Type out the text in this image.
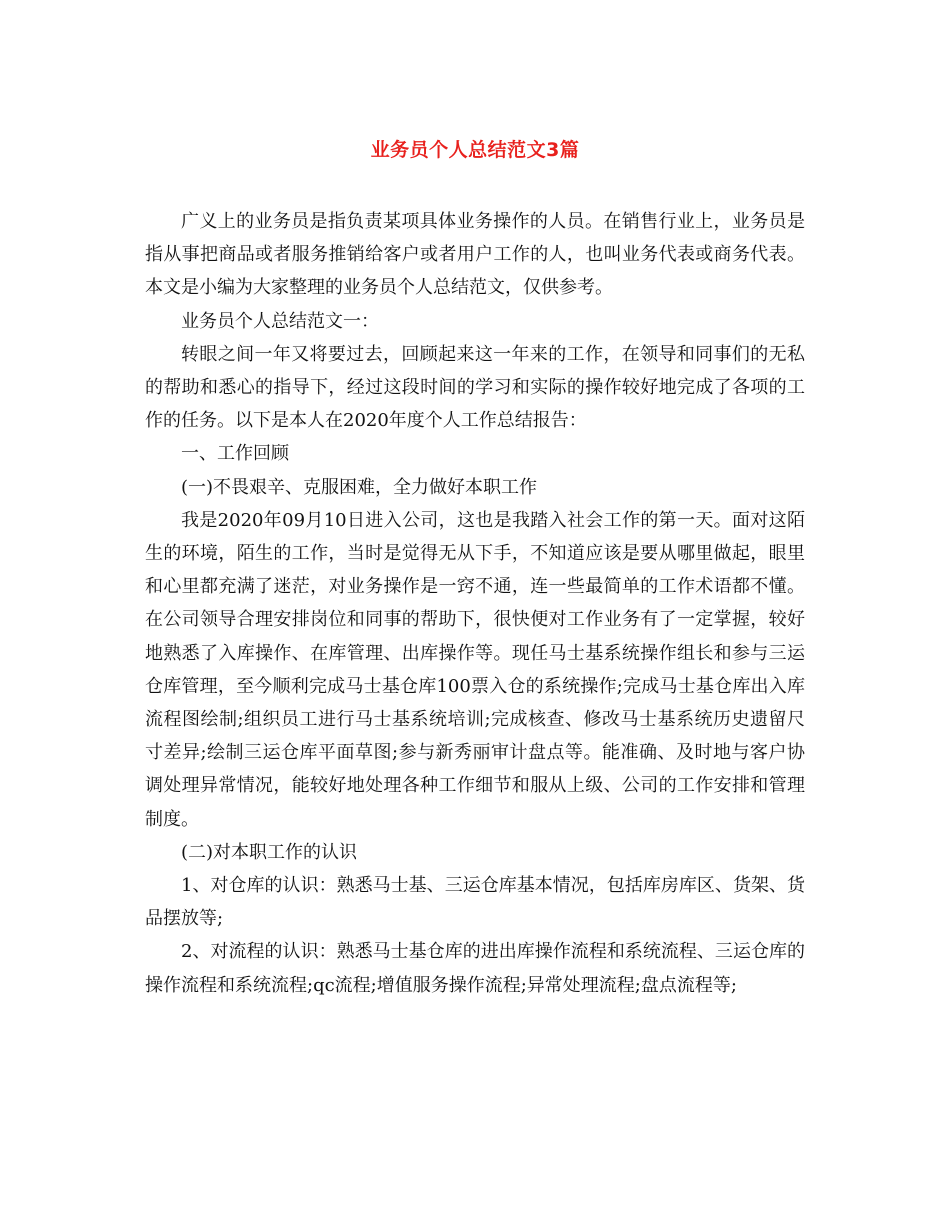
业务员个人总结范文3篇

广义上的业务员是指负责某项具体业务操作的人员。在销售行业上，业务员是指从事把商品或者服务推销给客户或者用户工作的人，也叫业务代表或商务代表。本文是小编为大家整理的业务员个人总结范文，仅供参考。

业务员个人总结范文一：

转眼之间一年又将要过去，回顾起来这一年来的工作，在领导和同事们的无私的帮助和悉心的指导下，经过这段时间的学习和实际的操作较好地完成了各项的工作的任务。以下是本人在2020年度个人工作总结报告：

一、工作回顾

(一)不畏艰辛、克服困难，全力做好本职工作

我是2020年09月10日进入公司，这也是我踏入社会工作的第一天。面对这陌生的环境，陌生的工作，当时是觉得无从下手，不知道应该是要从哪里做起，眼里和心里都充满了迷茫，对业务操作是一窍不通，连一些最简单的工作术语都不懂。在公司领导合理安排岗位和同事的帮助下，很快便对工作业务有了一定掌握，较好地熟悉了入库操作、在库管理、出库操作等。现任马士基系统操作组长和参与三运仓库管理，至今顺利完成马士基仓库100票入仓的系统操作;完成马士基仓库出入库流程图绘制;组织员工进行马士基系统培训;完成核查、修改马士基系统历史遗留尺寸差异;绘制三运仓库平面草图;参与新秀丽审计盘点等。能准确、及时地与客户协调处理异常情况，能较好地处理各种工作细节和服从上级、公司的工作安排和管理制度。

(二)对本职工作的认识

1、对仓库的认识：熟悉马士基、三运仓库基本情况，包括库房库区、货架、货品摆放等;

2、对流程的认识：熟悉马士基仓库的进出库操作流程和系统流程、三运仓库的操作流程和系统流程;qc流程;增值服务操作流程;异常处理流程;盘点流程等;
